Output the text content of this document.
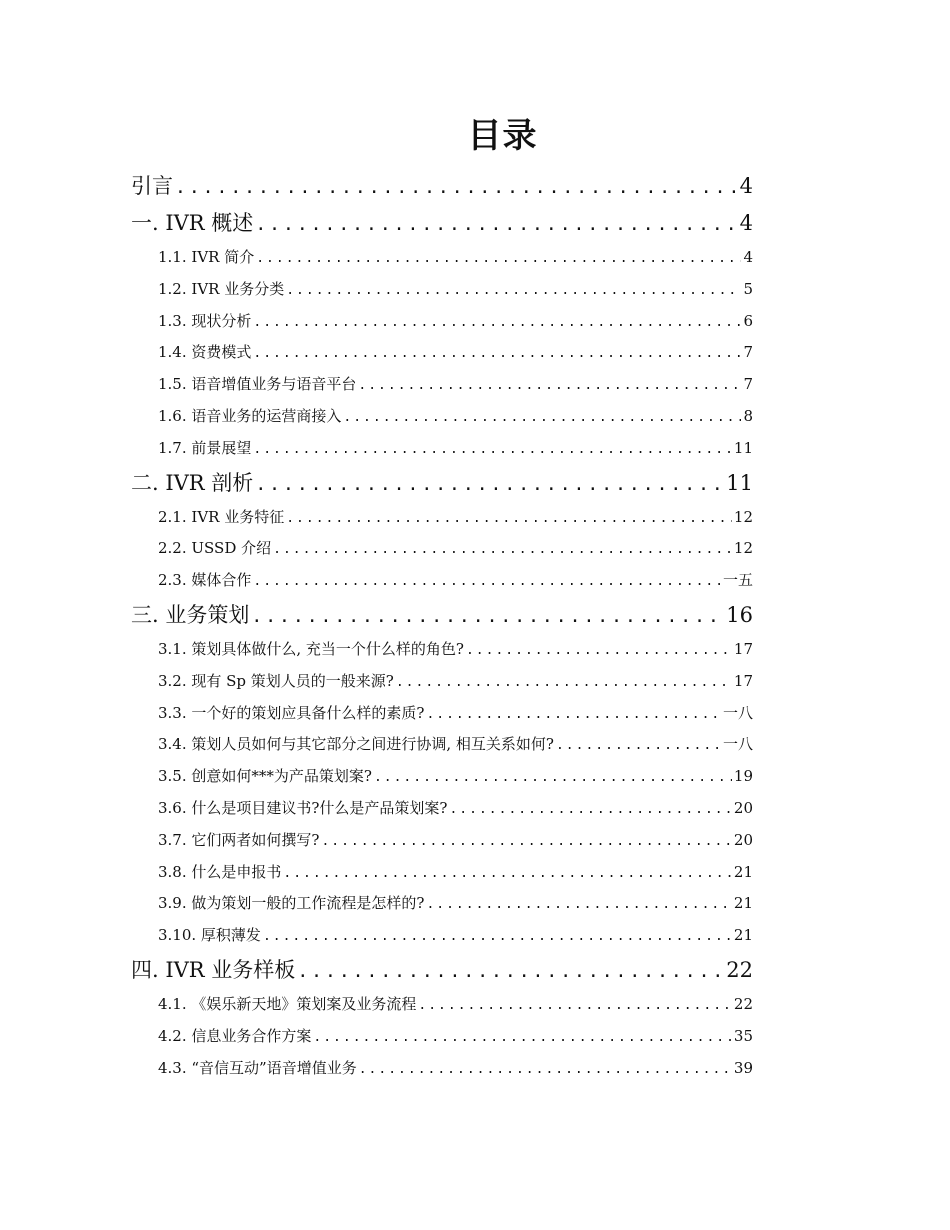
目录
引言 .....	4
一. IVR 概述 .....	4
1.1. IVR 简介 .....	4
1.2. IVR 业务分类 .....	5
1.3. 现状分析 .....	6
1.4. 资费模式 .....	7
1.5. 语音增值业务与语音平台 .....	7
1.6. 语音业务的运营商接入 .....	8
1.7. 前景展望 .....	11
二. IVR 剖析 .....	11
2.1. IVR 业务特征 .....	12
2.2. USSD 介绍 .....	12
2.3. 媒体合作 .....	一五
三. 业务策划 .....	16
3.1. 策划具体做什么, 充当一个什么样的角色? .....	17
3.2. 现有 Sp 策划人员的一般来源? .....	17
3.3. 一个好的策划应具备什么样的素质? .....	一八
3.4. 策划人员如何与其它部分之间进行协调, 相互关系如何? .....	一八
3.5. 创意如何***为产品策划案? .....	19
3.6. 什么是项目建议书?什么是产品策划案? .....	20
3.7. 它们两者如何撰写? .....	20
3.8. 什么是申报书 .....	21
3.9. 做为策划一般的工作流程是怎样的? .....	21
3.10. 厚积薄发 .....	21
四. IVR 业务样板 .....	22
4.1. 《娱乐新天地》策划案及业务流程 .....	22
4.2. 信息业务合作方案 .....	35
4.3. “音信互动”语音增值业务 .....	39
